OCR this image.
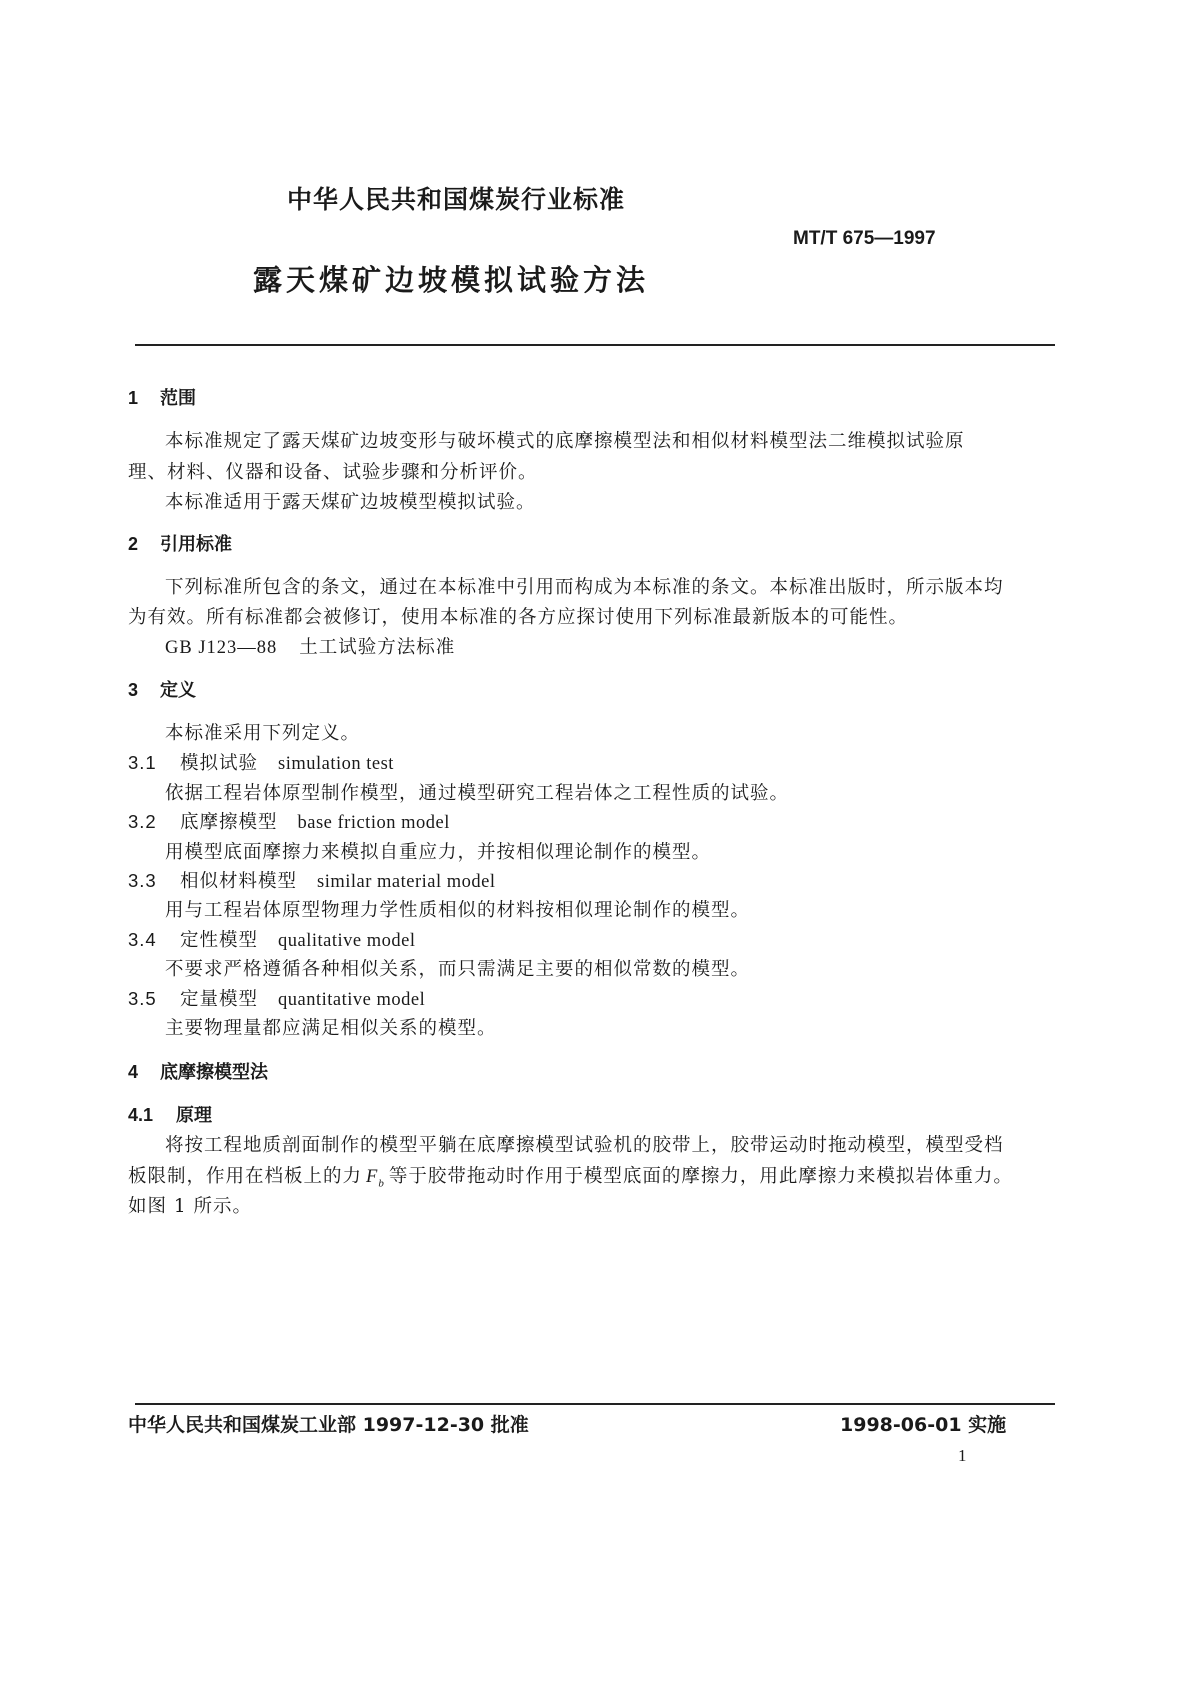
中华人民共和国煤炭行业标准
MT/T 675—1997
露天煤矿边坡模拟试验方法
1 范围
本标准规定了露天煤矿边坡变形与破坏模式的底摩擦模型法和相似材料模型法二维模拟试验原
理、材料、仪器和设备、试验步骤和分析评价。
本标准适用于露天煤矿边坡模型模拟试验。
2 引用标准
下列标准所包含的条文，通过在本标准中引用而构成为本标准的条文。本标准出版时，所示版本均
为有效。所有标准都会被修订，使用本标准的各方应探讨使用下列标准最新版本的可能性。
GB J123—88 土工试验方法标准
3 定义
本标准采用下列定义。
3.1 模拟试验 simulation test
依据工程岩体原型制作模型，通过模型研究工程岩体之工程性质的试验。
3.2 底摩擦模型 base friction model
用模型底面摩擦力来模拟自重应力，并按相似理论制作的模型。
3.3 相似材料模型 similar material model
用与工程岩体原型物理力学性质相似的材料按相似理论制作的模型。
3.4 定性模型 qualitative model
不要求严格遵循各种相似关系，而只需满足主要的相似常数的模型。
3.5 定量模型 quantitative model
主要物理量都应满足相似关系的模型。
4 底摩擦模型法
4.1 原理
将按工程地质剖面制作的模型平躺在底摩擦模型试验机的胶带上，胶带运动时拖动模型，模型受档
板限制，作用在档板上的力 $F_b$ 等于胶带拖动时作用于模型底面的摩擦力，用此摩擦力来模拟岩体重力。
如图 1 所示。
中华人民共和国煤炭工业部 1997-12-30 批准	1998-06-01 实施
1
